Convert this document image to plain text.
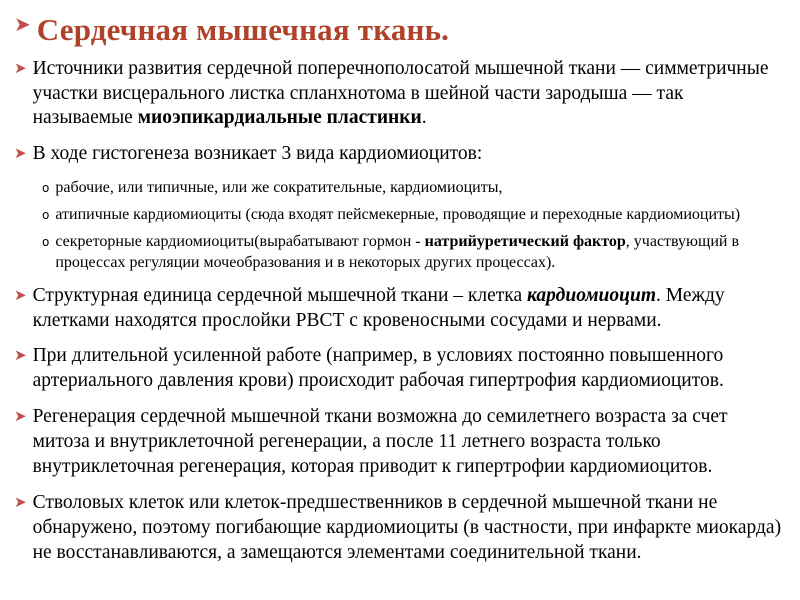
➤ Сердечная мышечная ткань.
➤ Источники развития сердечной поперечнополосатой мышечной ткани — симметричные участки висцерального листка спланхнотома в шейной части зародыша — так называемые миоэпикардиальные пластинки.
➤ В ходе гистогенеза возникает 3 вида кардиомиоцитов:
о рабочие, или типичные, или же сократительные, кардиомиоциты,
о атипичные кардиомиоциты (сюда входят пейсмекерные, проводящие и переходные кардиомиоциты)
о секреторные кардиомиоциты(вырабатывают гормон - натрийуретический фактор, участвующий в процессах регуляции мочеобразования и в некоторых других процессах).
➤ Структурная единица сердечной мышечной ткани – клетка кардиомиоцит. Между клетками находятся прослойки РВСТ с кровеносными сосудами и нервами.
➤ При длительной усиленной работе (например, в условиях постоянно повышенного артериального давления крови) происходит рабочая гипертрофия кардиомиоцитов.
➤ Регенерация сердечной мышечной ткани возможна до семилетнего возраста за счет митоза и внутриклеточной регенерации, а после 11 летнего возраста только внутриклеточная регенерация, которая приводит к гипертрофии кардиомиоцитов.
➤ Стволовых клеток или клеток-предшественников в сердечной мышечной ткани не обнаружено, поэтому погибающие кардиомиоциты (в частности, при инфаркте миокарда) не восстанавливаются, а замещаются элементами соединительной ткани.
